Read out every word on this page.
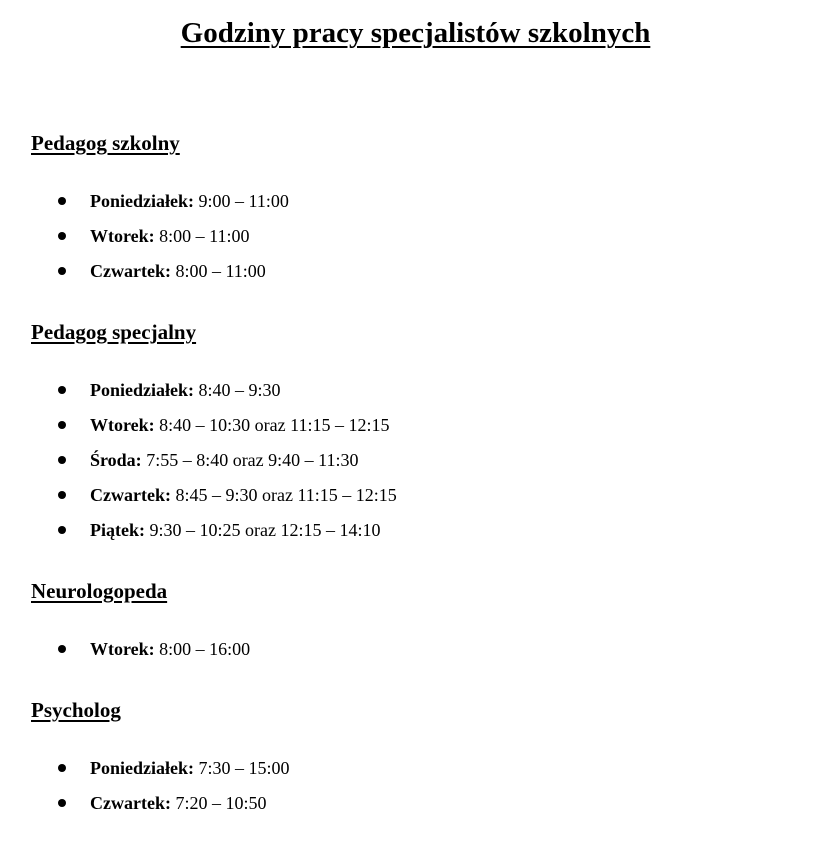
Godziny pracy specjalistów szkolnych
Pedagog szkolny
Poniedziałek: 9:00 – 11:00
Wtorek: 8:00 – 11:00
Czwartek: 8:00 – 11:00
Pedagog specjalny
Poniedziałek: 8:40 – 9:30
Wtorek: 8:40 – 10:30 oraz 11:15 – 12:15
Środa: 7:55 – 8:40 oraz 9:40 – 11:30
Czwartek: 8:45 – 9:30 oraz 11:15 – 12:15
Piątek: 9:30 – 10:25 oraz 12:15 – 14:10
Neurologopeda
Wtorek: 8:00 – 16:00
Psycholog
Poniedziałek: 7:30 – 15:00
Czwartek: 7:20 – 10:50
